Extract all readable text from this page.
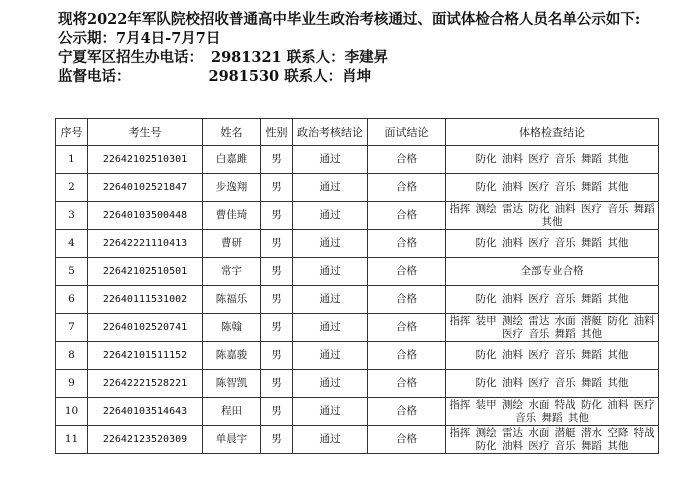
现将2022年军队院校招收普通高中毕业生政治考核通过、面试体检合格人员名单公示如下:
公示期：7月4日-7月7日
宁夏军区招生办电话： 2981321 联系人：李建昇
监督电话：	2981530 联系人：肖坤
序号	考生号	姓名	性别	政治考核结论	面试结论	体格检查结论
1	22642102510301	白嘉雎	男	通过	合格	防化 油料 医疗 音乐 舞蹈 其他
2	22640102521847	步逸翔	男	通过	合格	防化 油料 医疗 音乐 舞蹈 其他
3	22640103500448	曹佳琦	男	通过	合格	指挥 测绘 雷达 防化 油料 医疗 音乐 舞蹈 其他
4	22642221110413	曹研	男	通过	合格	防化 油料 医疗 音乐 舞蹈 其他
5	22642102510501	常宇	男	通过	合格	全部专业合格
6	22640111531002	陈福乐	男	通过	合格	防化 油料 医疗 音乐 舞蹈 其他
7	22640102520741	陈翰	男	通过	合格	指挥 装甲 测绘 雷达 水面 潜艇 防化 油料 医疗 音乐 舞蹈 其他
8	22642101511152	陈嘉骏	男	通过	合格	防化 油料 医疗 音乐 舞蹈 其他
9	22642221528221	陈智凯	男	通过	合格	防化 油料 医疗 音乐 舞蹈 其他
10	22640103514643	程田	男	通过	合格	指挥 装甲 测绘 水面 特战 防化 油料 医疗 音乐 舞蹈 其他
11	22642123520309	单晨宇	男	通过	合格	指挥 测绘 雷达 水面 潜艇 潜水 空降 特战 防化 油料 医疗 音乐 舞蹈 其他
